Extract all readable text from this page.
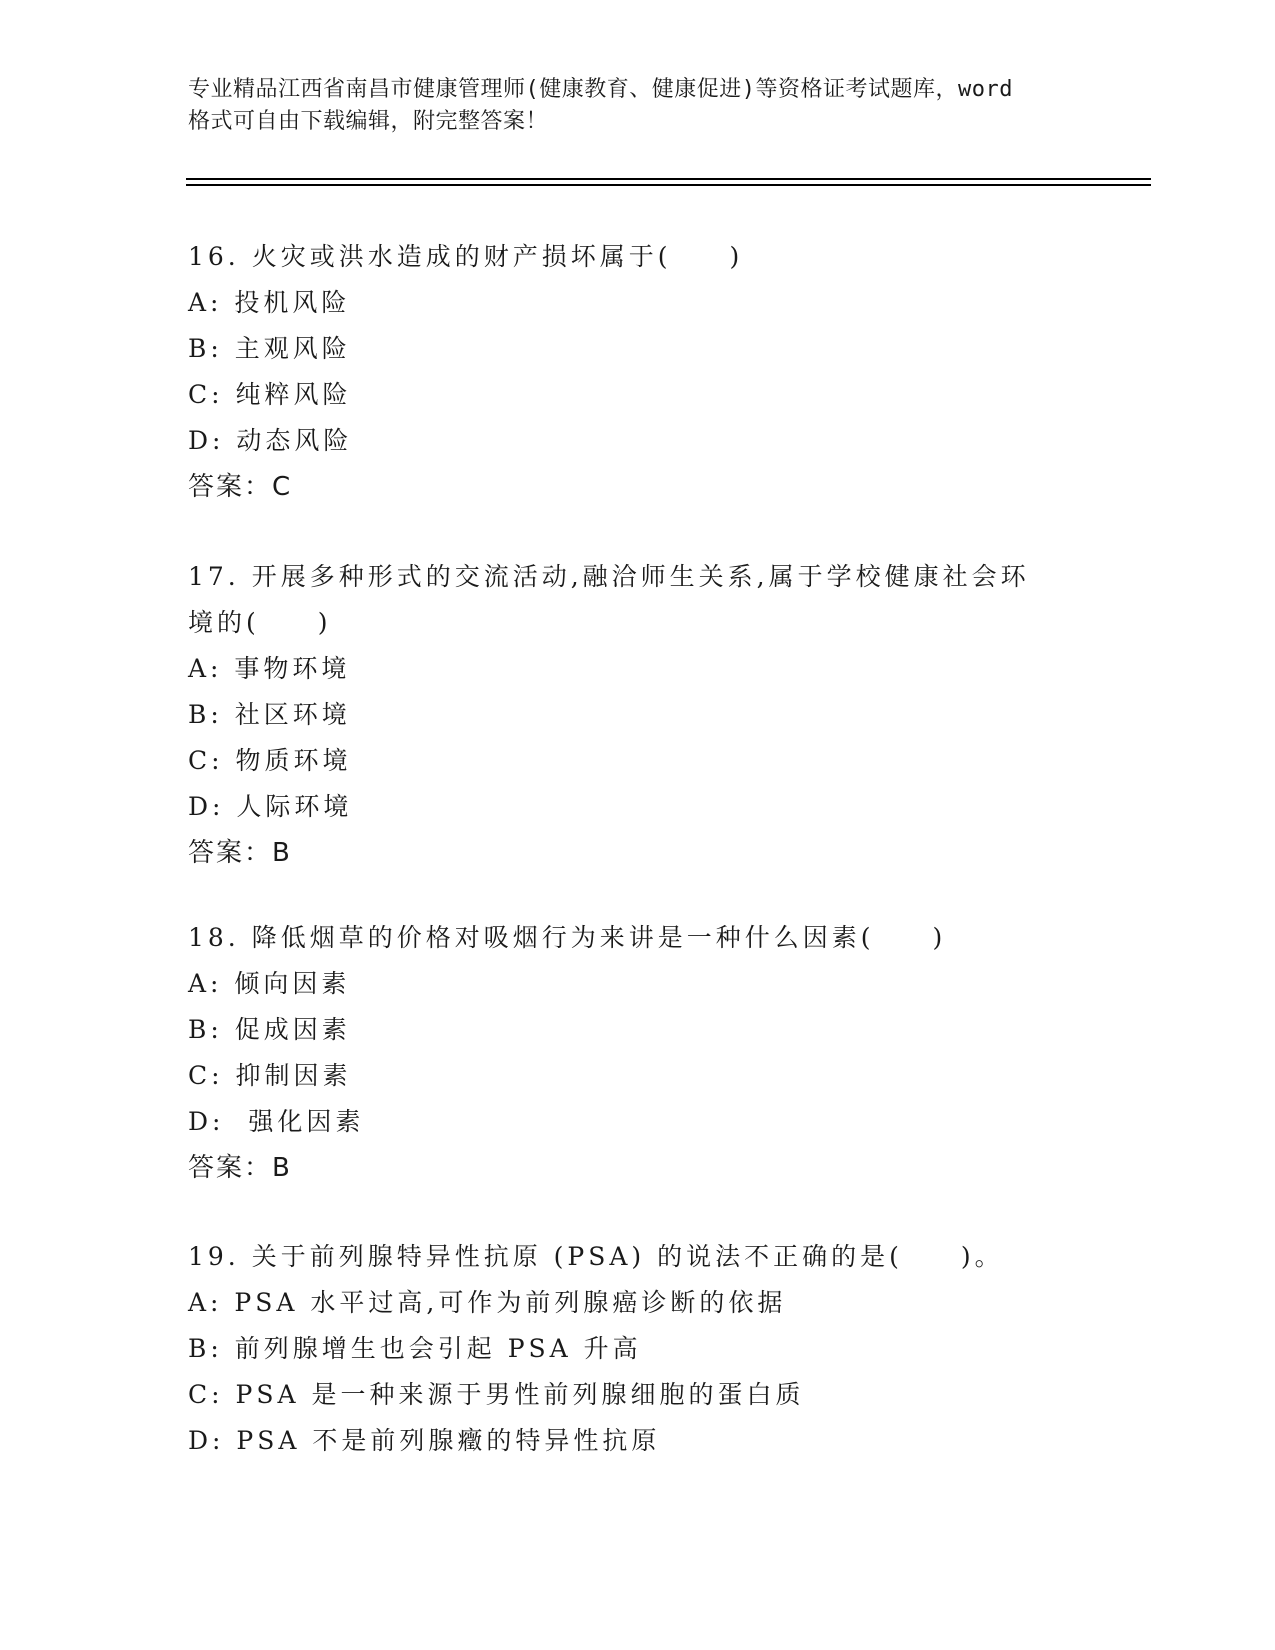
专业精品江西省南昌市健康管理师(健康教育、健康促进)等资格证考试题库，word
格式可自由下载编辑，附完整答案！

16. 火灾或洪水造成的财产损坏属于(　　)

A: 投机风险

B: 主观风险

C: 纯粹风险

D: 动态风险

答案：C

17. 开展多种形式的交流活动,融洽师生关系,属于学校健康社会环境的(　　)

A: 事物环境

B: 社区环境

C: 物质环境

D: 人际环境

答案：B

18. 降低烟草的价格对吸烟行为来讲是一种什么因素(　　)

A: 倾向因素

B: 促成因素

C: 抑制因素

D:  强化因素

答案：B

19. 关于前列腺特异性抗原 (PSA) 的说法不正确的是(　　)。

A: PSA 水平过高,可作为前列腺癌诊断的依据

B: 前列腺增生也会引起 PSA 升高

C: PSA 是一种来源于男性前列腺细胞的蛋白质

D: PSA 不是前列腺癥的特异性抗原
